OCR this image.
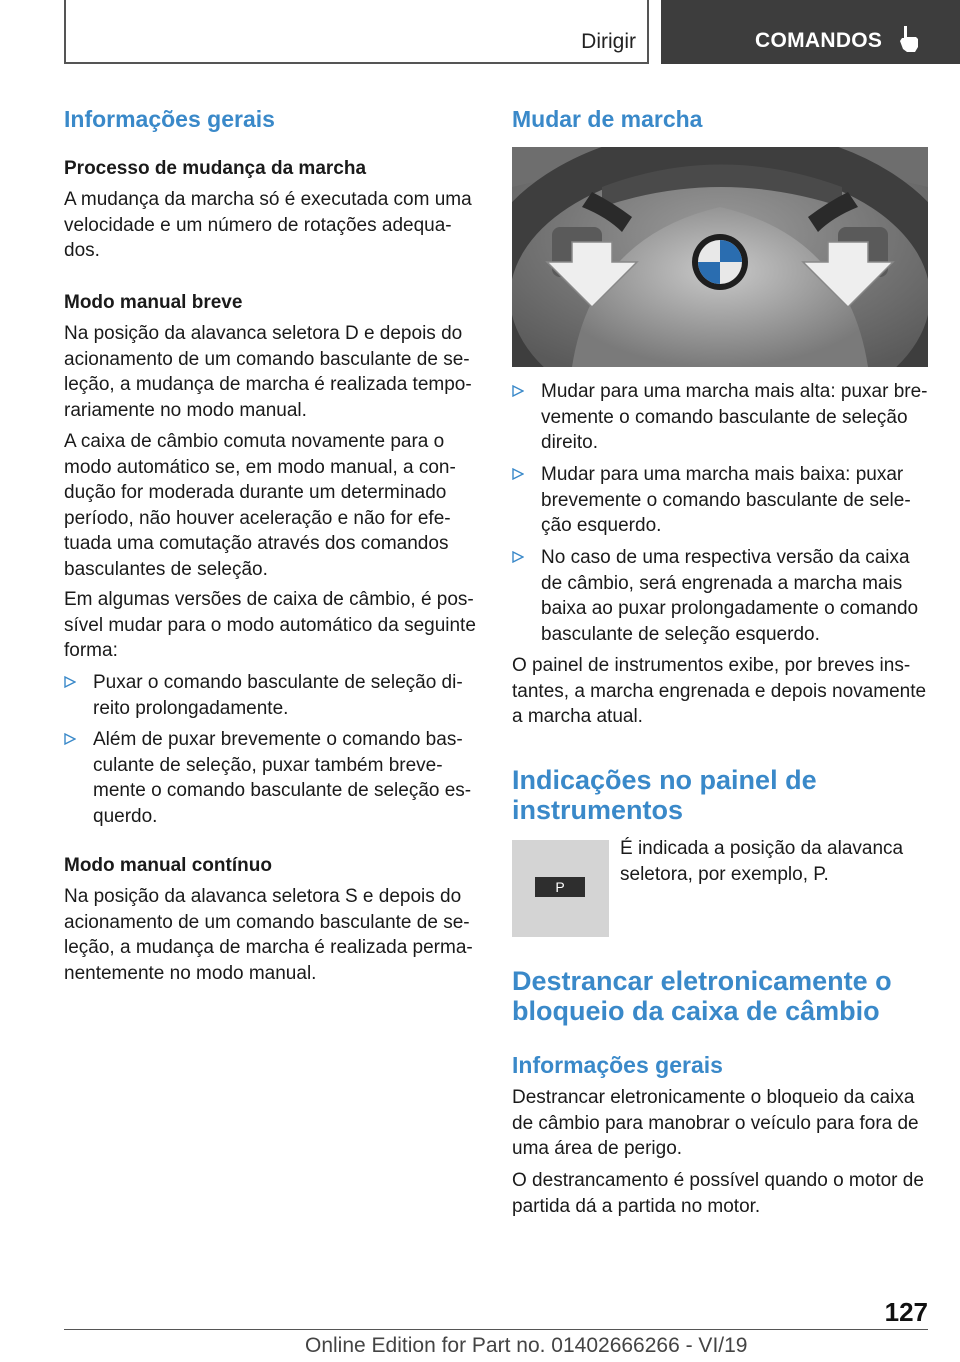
Dirigir	COMANDOS
Informações gerais
Processo de mudança da marcha

A mudança da marcha só é executada com uma velocidade e um número de rotações adequa-dos.

Modo manual breve

Na posição da alavanca seletora D e depois do acionamento de um comando basculante de se-leção, a mudança de marcha é realizada tempo-rariamente no modo manual.

A caixa de câmbio comuta novamente para o modo automático se, em modo manual, a con-dução for moderada durante um determinado período, não houver aceleração e não for efe-tuada uma comutação através dos comandos basculantes de seleção.

Em algumas versões de caixa de câmbio, é pos-sível mudar para o modo automático da seguinte forma:

Puxar o comando basculante de seleção di-reito prolongadamente.
Além de puxar brevemente o comando bas-culante de seleção, puxar também breve-mente o comando basculante de seleção es-querdo.
Modo manual contínuo

Na posição da alavanca seletora S e depois do acionamento de um comando basculante de se-leção, a mudança de marcha é realizada perma-nentemente no modo manual.

Mudar de marcha
Mudar para uma marcha mais alta: puxar bre-vemente o comando basculante de seleção direito.
Mudar para uma marcha mais baixa: puxar brevemente o comando basculante de sele-ção esquerdo.
No caso de uma respectiva versão da caixa de câmbio, será engrenada a marcha mais baixa ao puxar prolongadamente o comando basculante de seleção esquerdo.

O painel de instrumentos exibe, por breves ins-tantes, a marcha engrenada e depois novamente a marcha atual.

Indicações no painel de instrumentos
P

É indicada a posição da alavanca seletora, por exemplo, P.

Destrancar eletronicamente o bloqueio da caixa de câmbio
Informações gerais

Destrancar eletronicamente o bloqueio da caixa de câmbio para manobrar o veículo para fora de uma área de perigo.

O destrancamento é possível quando o motor de partida dá a partida no motor.

127
Online Edition for Part no. 01402666266 - VI/19
